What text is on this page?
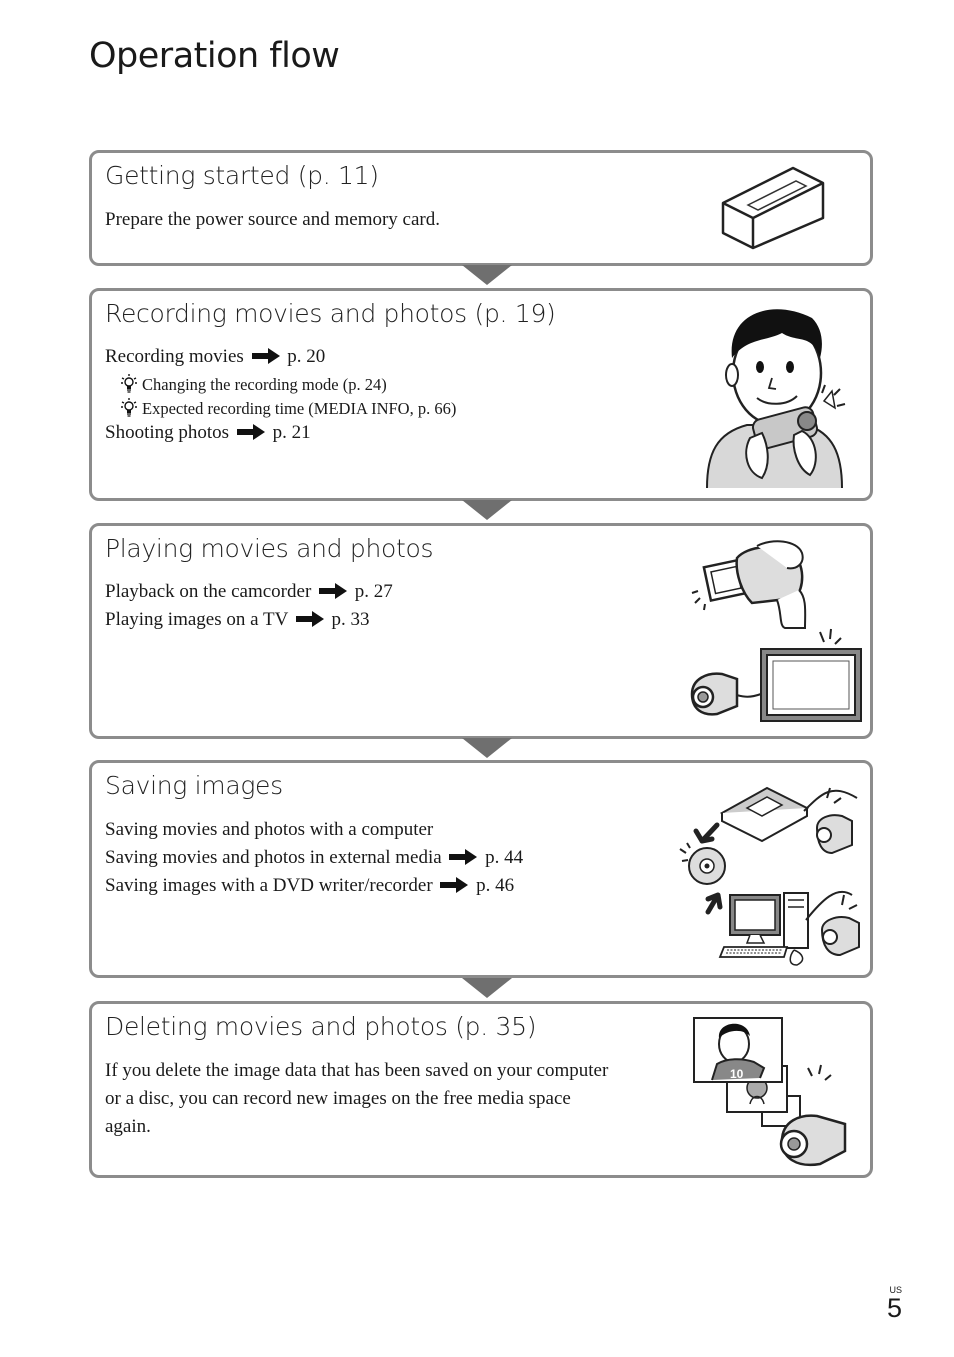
Operation flow
Getting started (p. 11)
Prepare the power source and memory card.
Recording movies and photos (p. 19)
Recording movies p. 20
Changing the recording mode (p. 24)
Expected recording time (MEDIA INFO, p. 66)
Shooting photos p. 21
Playing movies and photos
Playback on the camcorder p. 27
Playing images on a TV p. 33
Saving images
Saving movies and photos with a computer
Saving movies and photos in external media p. 44
Saving images with a DVD writer/recorder p. 46
Deleting movies and photos (p. 35)
If you delete the image data that has been saved on your computer
or a disc, you can record new images on the free media space
again.
10
US
5
